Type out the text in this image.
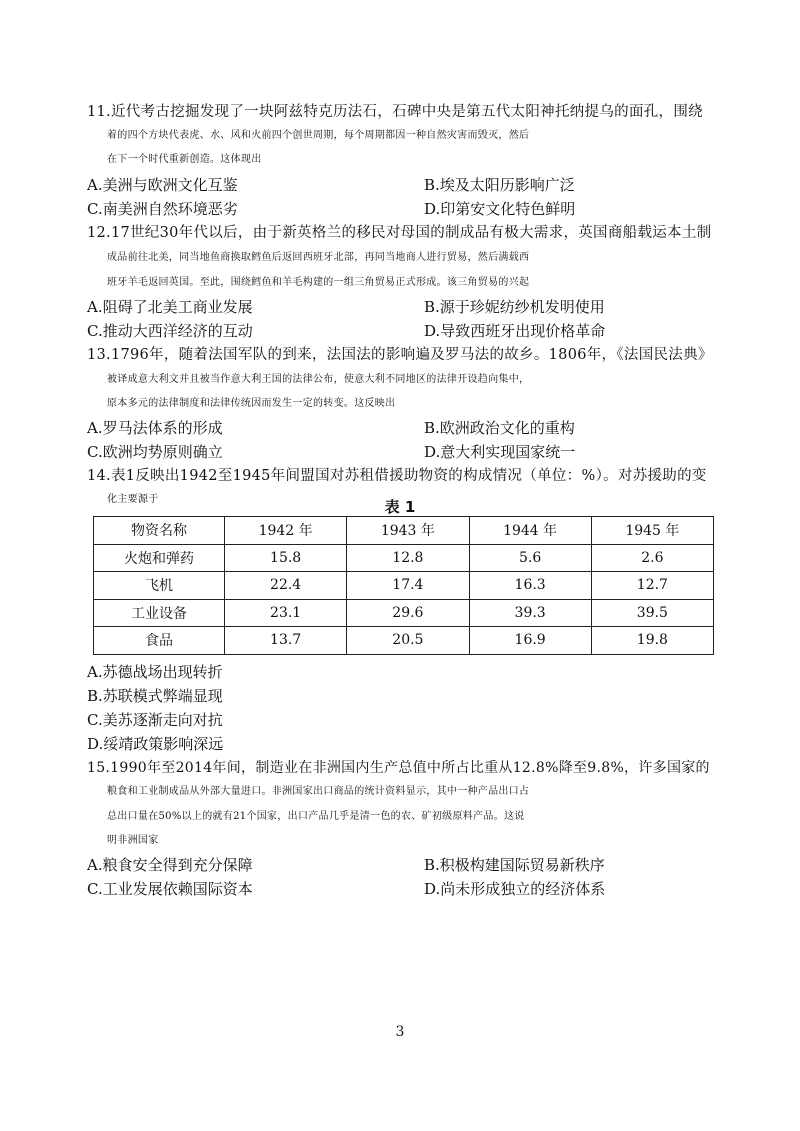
11.近代考古挖掘发现了一块阿兹特克历法石，石碑中央是第五代太阳神托纳提乌的面孔，围绕
着的四个方块代表虎、水、风和火前四个创世周期，每个周期都因一种自然灾害而毁灭，然后
在下一个时代重新创造。这体现出
A.美洲与欧洲文化互鉴	B.埃及太阳历影响广泛
C.南美洲自然环境恶劣	D.印第安文化特色鲜明
12.17世纪30年代以后，由于新英格兰的移民对母国的制成品有极大需求，英国商船载运本土制
成品前往北美，同当地鱼商换取鳕鱼后返回西班牙北部，再同当地商人进行贸易，然后满载西
班牙羊毛返回英国。至此，围绕鳕鱼和羊毛构建的一组三角贸易正式形成。该三角贸易的兴起
A.阻碍了北美工商业发展	B.源于珍妮纺纱机发明使用
C.推动大西洋经济的互动	D.导致西班牙出现价格革命
13.1796年，随着法国军队的到来，法国法的影响遍及罗马法的故乡。1806年，《法国民法典》
被译成意大利文并且被当作意大利王国的法律公布，使意大利不同地区的法律开设趋向集中，
原本多元的法律制度和法律传统因而发生一定的转变。这反映出
A.罗马法体系的形成	B.欧洲政治文化的重构
C.欧洲均势原则确立	D.意大利实现国家统一
14.表1反映出1942至1945年间盟国对苏租借援助物资的构成情况（单位：%）。对苏援助的变
化主要源于	表 1
物资名称	1942 年	1943 年	1944 年	1945 年
火炮和弹药	15.8	12.8	5.6	2.6
飞机	22.4	17.4	16.3	12.7
工业设备	23.1	29.6	39.3	39.5
食品	13.7	20.5	16.9	19.8
A.苏德战场出现转折
B.苏联模式弊端显现
C.美苏逐渐走向对抗
D.绥靖政策影响深远
15.1990年至2014年间，制造业在非洲国内生产总值中所占比重从12.8%降至9.8%，许多国家的
粮食和工业制成品从外部大量进口。非洲国家出口商品的统计资料显示，其中一种产品出口占
总出口量在50%以上的就有21个国家，出口产品几乎是清一色的农、矿初级原料产品。这说
明非洲国家
A.粮食安全得到充分保障	B.积极构建国际贸易新秩序
C.工业发展依赖国际资本	D.尚未形成独立的经济体系
3
